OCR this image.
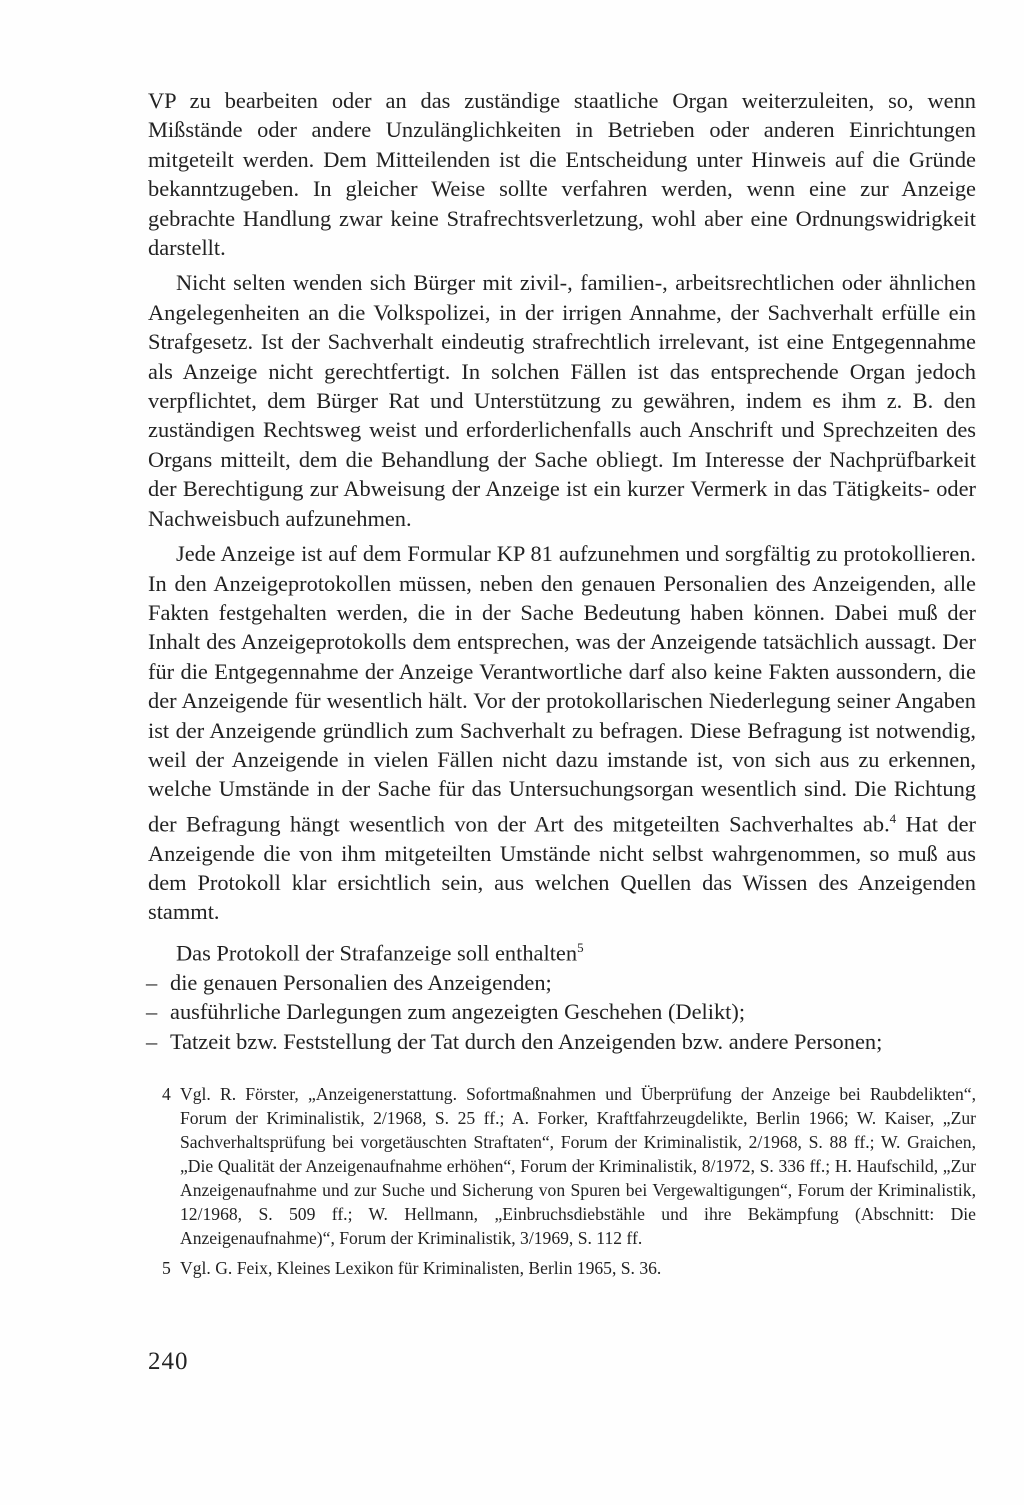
VP zu bearbeiten oder an das zuständige staatliche Organ weiterzuleiten, so, wenn Mißstände oder andere Unzulänglichkeiten in Betrieben oder anderen Einrichtungen mitgeteilt werden. Dem Mitteilenden ist die Entscheidung unter Hinweis auf die Gründe bekanntzugeben. In gleicher Weise sollte verfahren werden, wenn eine zur Anzeige gebrachte Handlung zwar keine Strafrechtsverletzung, wohl aber eine Ordnungswidrigkeit darstellt.

Nicht selten wenden sich Bürger mit zivil-, familien-, arbeitsrechtlichen oder ähnlichen Angelegenheiten an die Volkspolizei, in der irrigen Annahme, der Sachverhalt erfülle ein Strafgesetz. Ist der Sachverhalt eindeutig strafrechtlich irrelevant, ist eine Entgegennahme als Anzeige nicht gerechtfertigt. In solchen Fällen ist das entsprechende Organ jedoch verpflichtet, dem Bürger Rat und Unterstützung zu gewähren, indem es ihm z. B. den zuständigen Rechtsweg weist und erforderlichenfalls auch Anschrift und Sprechzeiten des Organs mitteilt, dem die Behandlung der Sache obliegt. Im Interesse der Nachprüfbarkeit der Berechtigung zur Abweisung der Anzeige ist ein kurzer Vermerk in das Tätigkeits- oder Nachweisbuch aufzunehmen.

Jede Anzeige ist auf dem Formular KP 81 aufzunehmen und sorgfältig zu protokollieren. In den Anzeigeprotokollen müssen, neben den genauen Personalien des Anzeigenden, alle Fakten festgehalten werden, die in der Sache Bedeutung haben können. Dabei muß der Inhalt des Anzeigeprotokolls dem entsprechen, was der Anzeigende tatsächlich aussagt. Der für die Entgegennahme der Anzeige Verantwortliche darf also keine Fakten aussondern, die der Anzeigende für wesentlich hält. Vor der protokollarischen Niederlegung seiner Angaben ist der Anzeigende gründlich zum Sachverhalt zu befragen. Diese Befragung ist notwendig, weil der Anzeigende in vielen Fällen nicht dazu imstande ist, von sich aus zu erkennen, welche Umstände in der Sache für das Untersuchungsorgan wesentlich sind. Die Richtung der Befragung hängt wesentlich von der Art des mitgeteilten Sachverhaltes ab.$^4$ Hat der Anzeigende die von ihm mitgeteilten Umstände nicht selbst wahrgenommen, so muß aus dem Protokoll klar ersichtlich sein, aus welchen Quellen das Wissen des Anzeigenden stammt.

Das Protokoll der Strafanzeige soll enthalten$^5$

– die genauen Personalien des Anzeigenden;
– ausführliche Darlegungen zum angezeigten Geschehen (Delikt);
– Tatzeit bzw. Feststellung der Tat durch den Anzeigenden bzw. andere Personen;
4 Vgl. R. Förster, „Anzeigenerstattung. Sofortmaßnahmen und Überprüfung der Anzeige bei Raubdelikten“, Forum der Kriminalistik, 2/1968, S. 25 ff.; A. Forker, Kraftfahrzeugdelikte, Berlin 1966; W. Kaiser, „Zur Sachverhaltsprüfung bei vorgetäuschten Straftaten“, Forum der Kriminalistik, 2/1968, S. 88 ff.; W. Graichen, „Die Qualität der Anzeigenaufnahme erhöhen“, Forum der Kriminalistik, 8/1972, S. 336 ff.; H. Haufschild, „Zur Anzeigenaufnahme und zur Suche und Sicherung von Spuren bei Vergewaltigungen“, Forum der Kriminalistik, 12/1968, S. 509 ff.; W. Hellmann, „Einbruchsdiebstähle und ihre Bekämpfung (Abschnitt: Die Anzeigenaufnahme)“, Forum der Kriminalistik, 3/1969, S. 112 ff.
5 Vgl. G. Feix, Kleines Lexikon für Kriminalisten, Berlin 1965, S. 36.
240
